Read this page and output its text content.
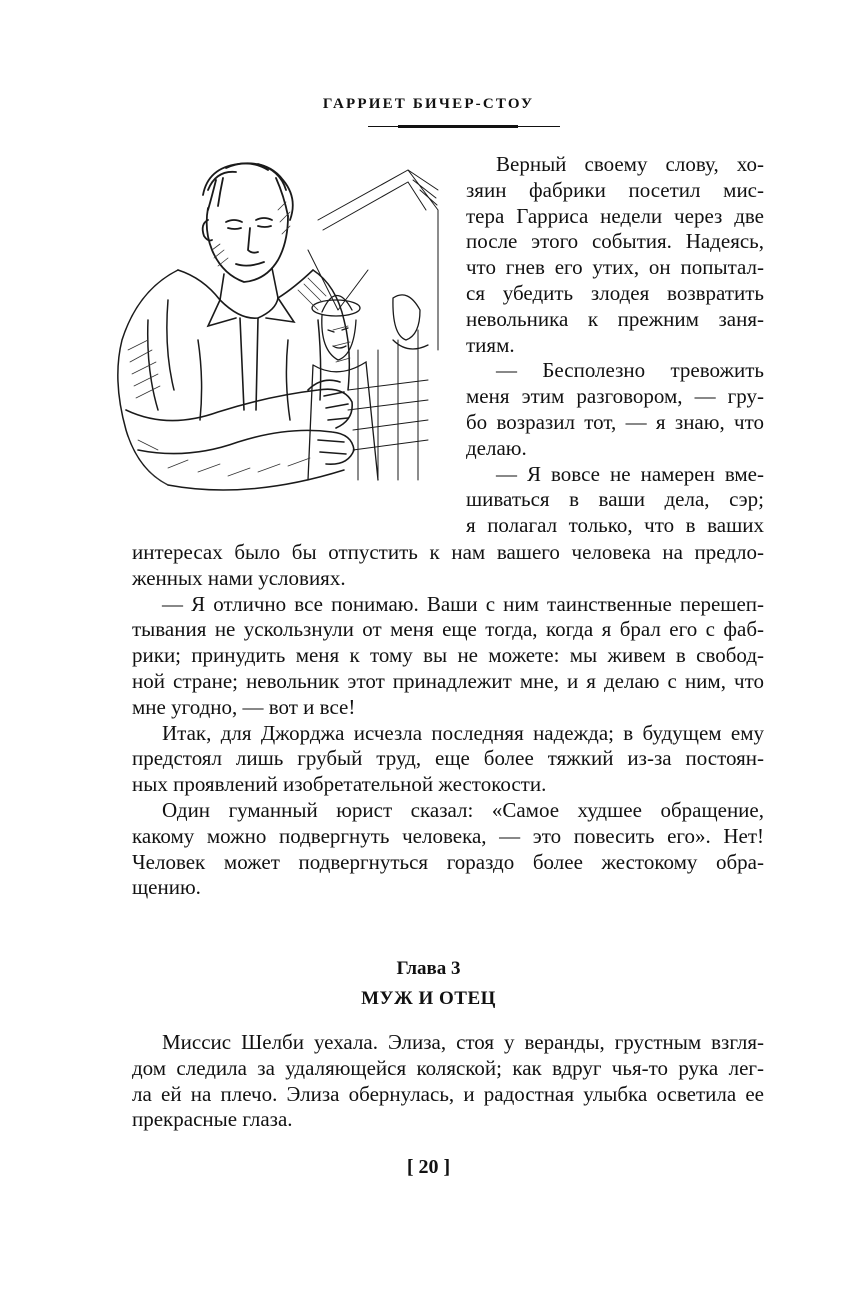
ГАРРИЕТ БИЧЕР-СТОУ
Верный своему слову, хо-
зяин фабрики посетил мис-
тера Гарриса недели через две
после этого события. Надеясь,
что гнев его утих, он попытал-
ся убедить злодея возвратить
невольника к прежним заня-
тиям.
— Бесполезно тревожить
меня этим разговором, — гру-
бо возразил тот, — я знаю, что
делаю.
— Я вовсе не намерен вме-
шиваться в ваши дела, сэр;
я полагал только, что в ваших
интересах было бы отпустить к нам вашего человека на предло-
женных нами условиях.
— Я отлично все понимаю. Ваши с ним таинственные перешеп-
тывания не ускользнули от меня еще тогда, когда я брал его с фаб-
рики; принудить меня к тому вы не можете: мы живем в свобод-
ной стране; невольник этот принадлежит мне, и я делаю с ним, что
мне угодно, — вот и все!
Итак, для Джорджа исчезла последняя надежда; в будущем ему
предстоял лишь грубый труд, еще более тяжкий из-за постоян-
ных проявлений изобретательной жестокости.
Один гуманный юрист сказал: «Самое худшее обращение,
какому можно подвергнуть человека, — это повесить его». Нет!
Человек может подвергнуться гораздо более жестокому обра-
щению.
Глава 3
МУЖ И ОТЕЦ
Миссис Шелби уехала. Элиза, стоя у веранды, грустным взгля-
дом следила за удаляющейся коляской; как вдруг чья-то рука лег-
ла ей на плечо. Элиза обернулась, и радостная улыбка осветила ее
прекрасные глаза.
[ 20 ]
